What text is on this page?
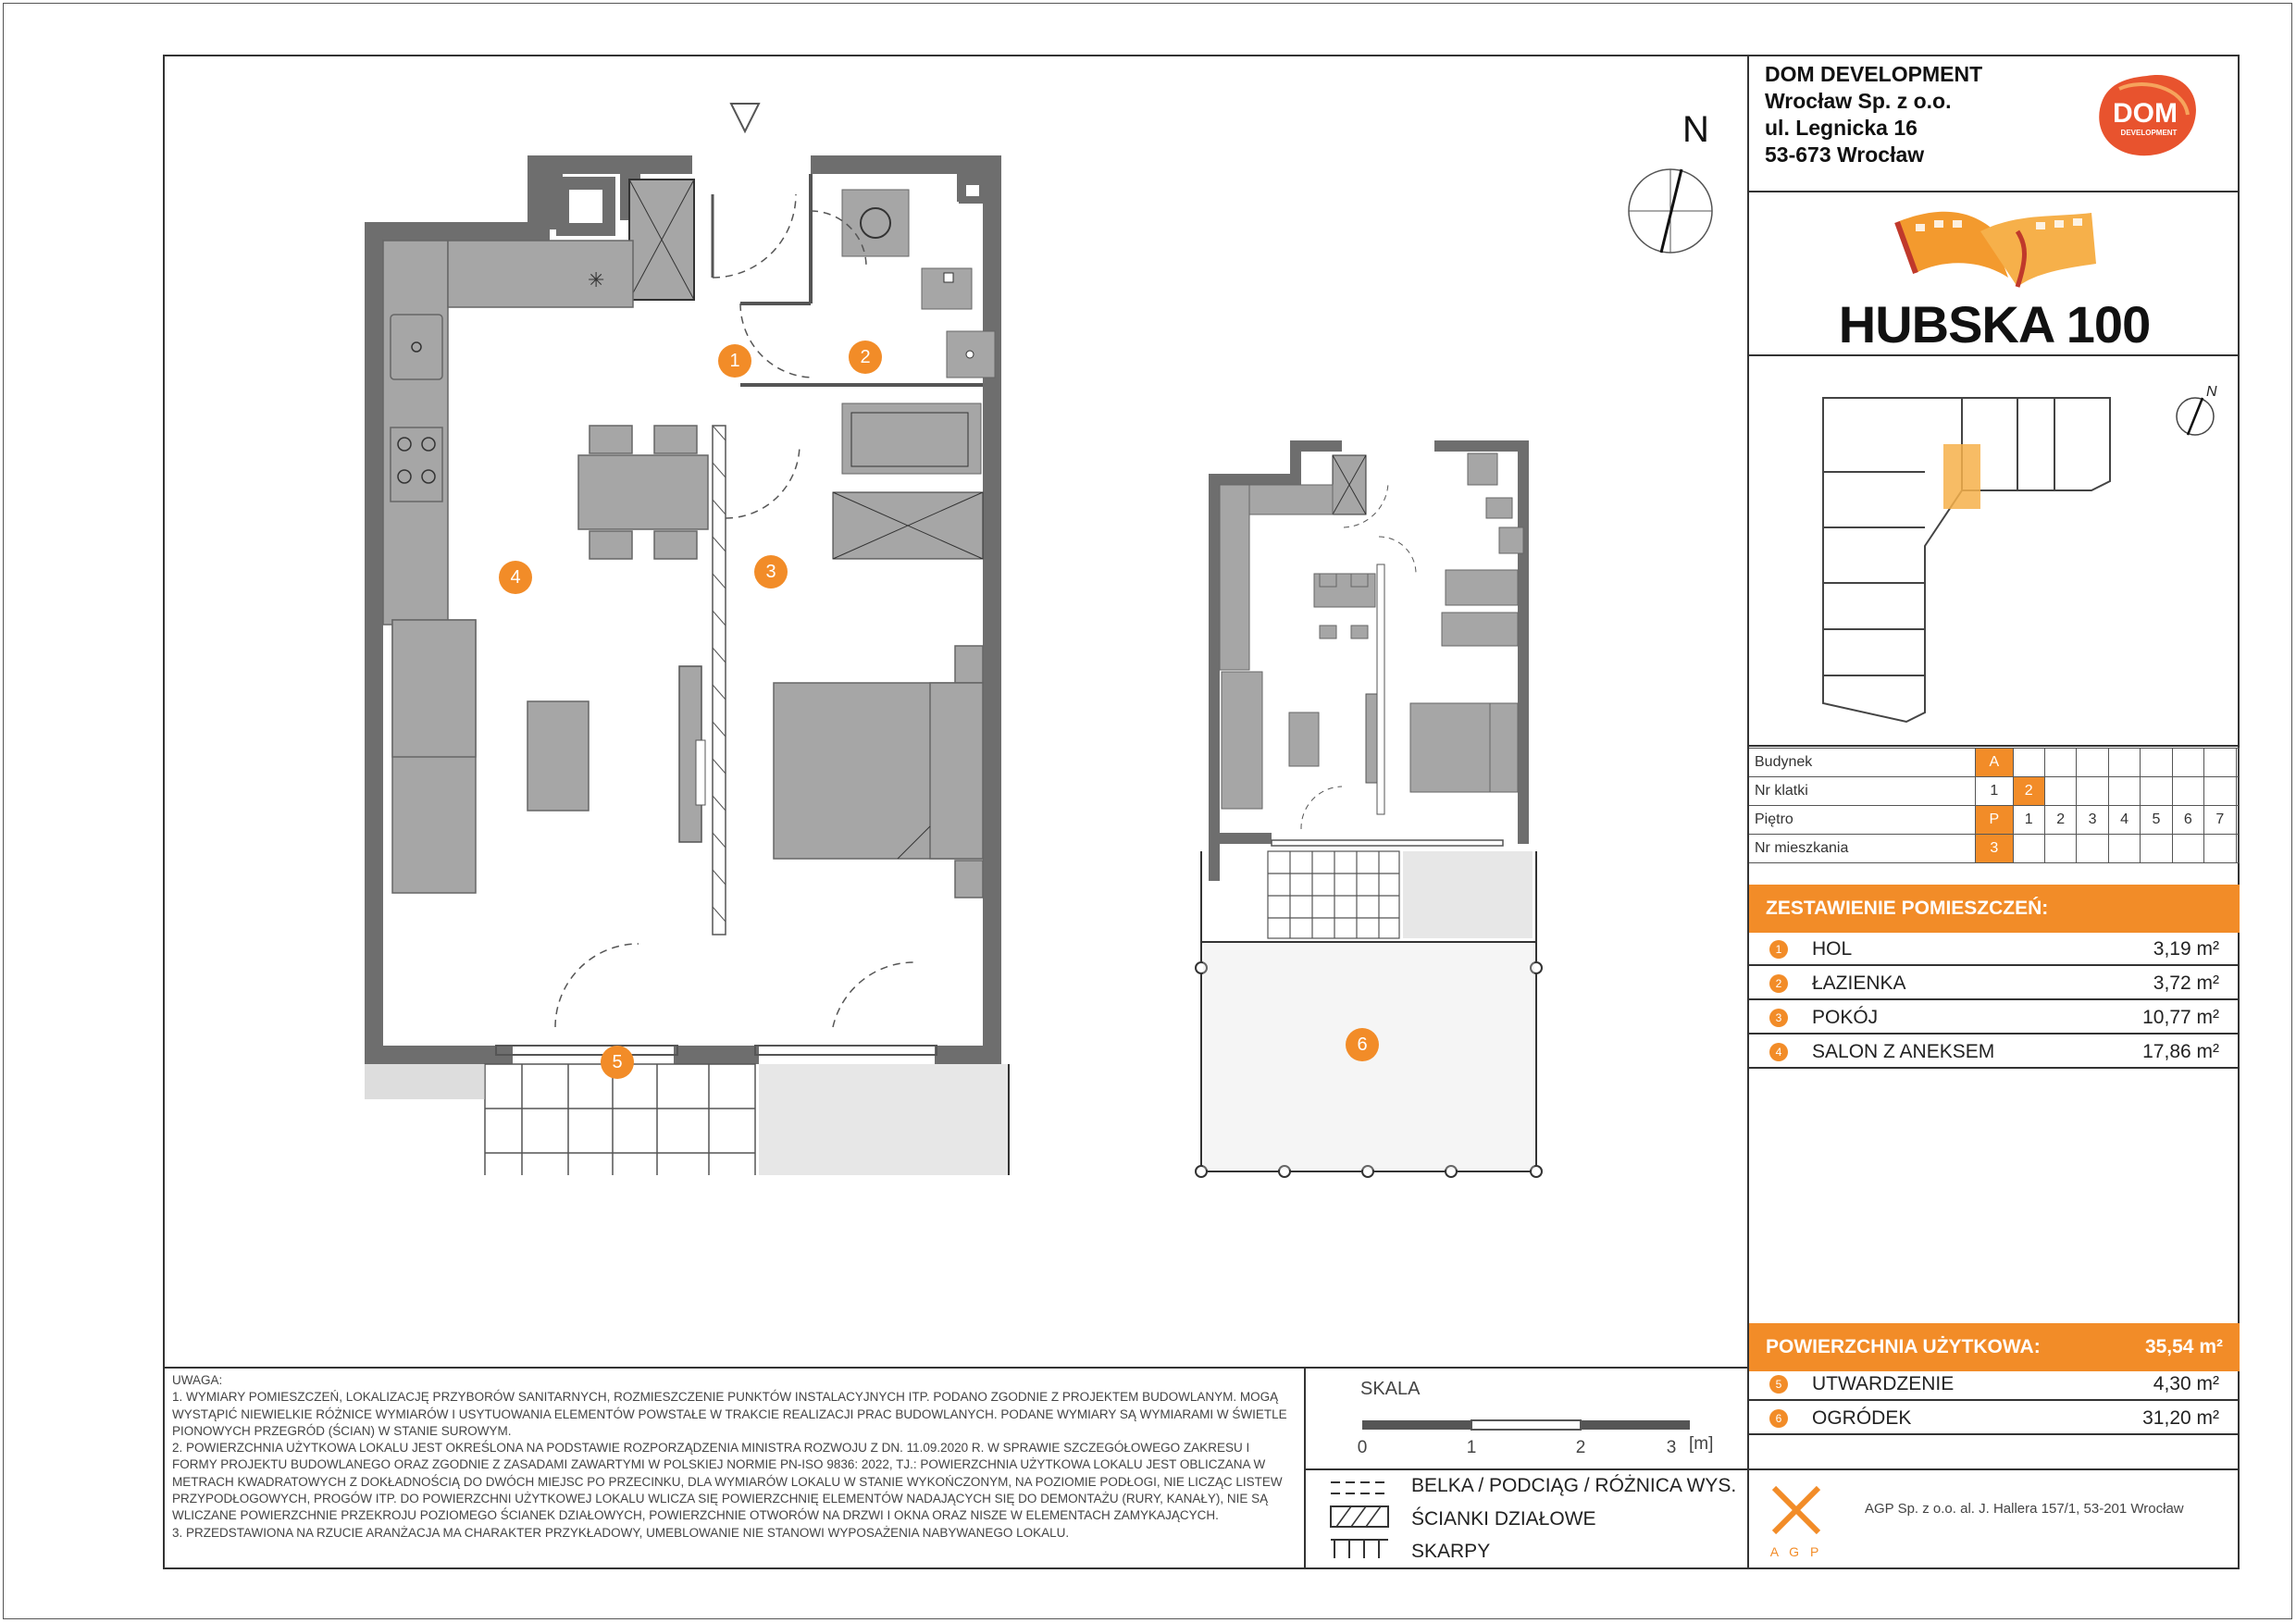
DOM DEVELOPMENT
Wrocław Sp. z o.o.
ul. Legnicka 16
53-673 Wrocław
DOM
DEVELOPMENT
HUBSKA 100
N
Budynek	A								
Nr klatki	1	2							
Piętro	P	1	2	3	4	5	6	7	
Nr mieszkania	3								
ZESTAWIENIE POMIESZCZEŃ:
1	HOL	3,19 m²
2	ŁAZIENKA	3,72 m²
3	POKÓJ	10,77 m²
4	SALON Z ANEKSEM	17,86 m²
POWIERZCHNIA UŻYTKOWA:	35,54 m²
5	UTWARDZENIE	4,30 m²
6	OGRÓDEK	31,20 m²
UWAGA:
1. WYMIARY POMIESZCZEŃ, LOKALIZACJĘ PRZYBORÓW SANITARNYCH, ROZMIESZCZENIE PUNKTÓW INSTALACYJNYCH ITP. PODANO ZGODNIE Z PROJEKTEM BUDOWLANYM. MOGĄ WYSTĄPIĆ NIEWIELKIE RÓŻNICE WYMIARÓW I USYTUOWANIA ELEMENTÓW POWSTAŁE W TRAKCIE REALIZACJI PRAC BUDOWLANYCH. PODANE WYMIARY SĄ WYMIARAMI W ŚWIETLE PIONOWYCH PRZEGRÓD (ŚCIAN) W STANIE SUROWYM.
2. POWIERZCHNIA UŻYTKOWA LOKALU JEST OKREŚLONA NA PODSTAWIE ROZPORZĄDZENIA MINISTRA ROZWOJU Z DN. 11.09.2020 R. W SPRAWIE SZCZEGÓŁOWEGO ZAKRESU I FORMY PROJEKTU BUDOWLANEGO ORAZ ZGODNIE Z ZASADAMI ZAWARTYMI W POLSKIEJ NORMIE PN-ISO 9836: 2022, TJ.: POWIERZCHNIA UŻYTKOWA LOKALU JEST OBLICZANA W METRACH KWADRATOWYCH Z DOKŁADNOŚCIĄ DO DWÓCH MIEJSC PO PRZECINKU, DLA WYMIARÓW LOKALU W STANIE WYKOŃCZONYM, NA POZIOMIE PODŁOGI, NIE LICZĄC LISTEW PRZYPODŁOGOWYCH, PROGÓW ITP. DO POWIERZCHNI UŻYTKOWEJ LOKALU WLICZA SIĘ POWIERZCHNIĘ ELEMENTÓW NADAJĄCYCH SIĘ DO DEMONTAŻU (RURY, KANAŁY), NIE SĄ WLICZANE POWIERZCHNIE PRZEKROJU POZIOMEGO ŚCIANEK DZIAŁOWYCH, POWIERZCHNIE OTWORÓW NA DRZWI I OKNA ORAZ NISZE W ELEMENTACH ZAMYKAJĄCYCH.
3. PRZEDSTAWIONA NA RZUCIE ARANŻACJA MA CHARAKTER PRZYKŁADOWY, UMEBLOWANIE NIE STANOWI WYPOSAŻENIA NABYWANEGO LOKALU.
SKALA
0	1	2	3 [m]
BELKA / PODCIĄG / RÓŻNICA WYS.
ŚCIANKI DZIAŁOWE
SKARPY	A G P
AGP Sp. z o.o. al. J. Hallera 157/1, 53-201 Wrocław
N
✳
1	2
3
4
5
6
